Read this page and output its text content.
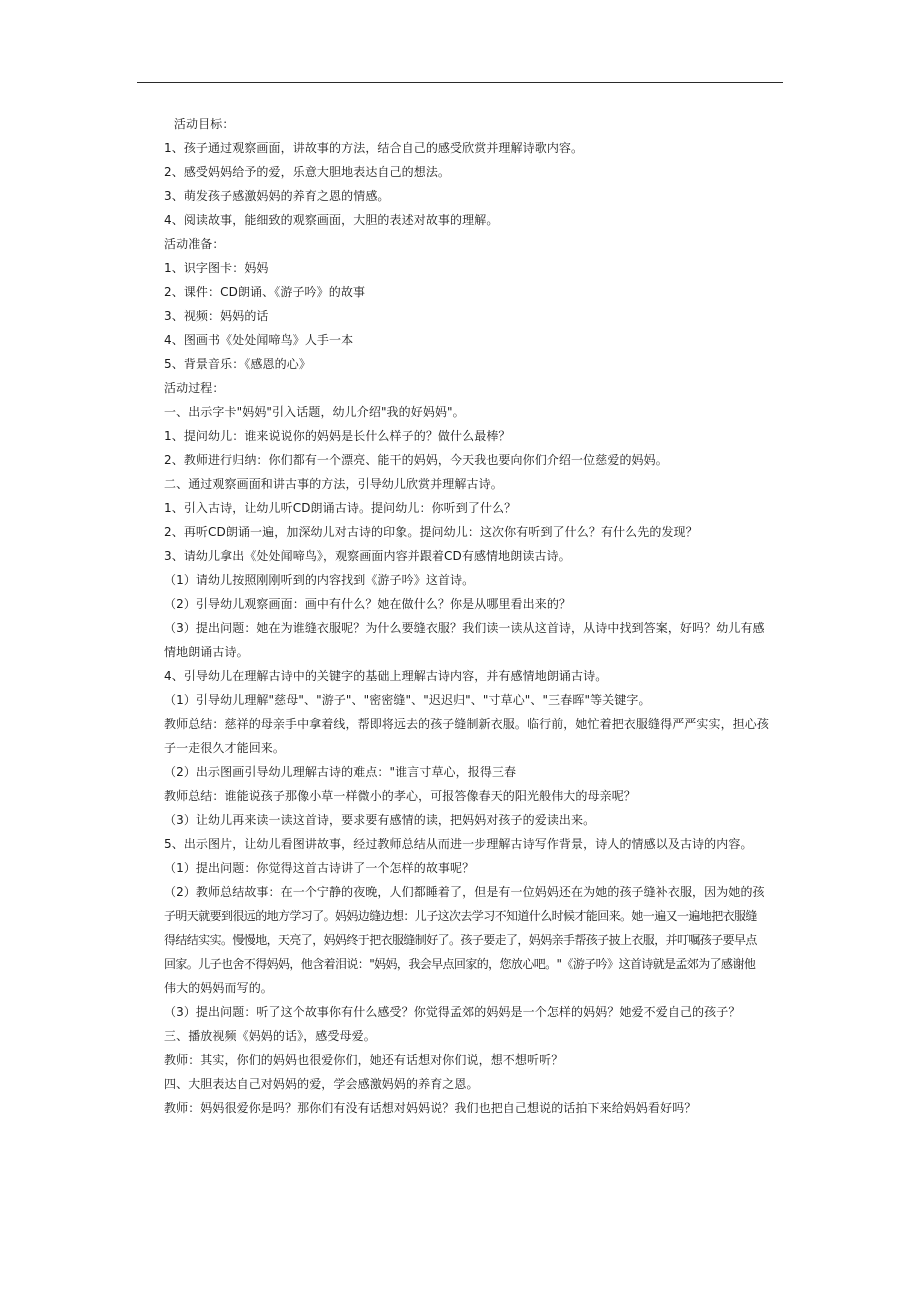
活动目标：
1、孩子通过观察画面，讲故事的方法，结合自己的感受欣赏并理解诗歌内容。
2、感受妈妈给予的爱，乐意大胆地表达自己的想法。
3、萌发孩子感激妈妈的养育之恩的情感。
4、阅读故事，能细致的观察画面，大胆的表述对故事的理解。
活动准备：
1、识字图卡：妈妈
2、课件：CD朗诵、《游子吟》的故事
3、视频：妈妈的话
4、图画书《处处闻啼鸟》人手一本
5、背景音乐：《感恩的心》
活动过程：
一、出示字卡"妈妈"引入话题，幼儿介绍"我的好妈妈"。
1、提问幼儿：谁来说说你的妈妈是长什么样子的？做什么最棒？
2、教师进行归纳：你们都有一个漂亮、能干的妈妈，今天我也要向你们介绍一位慈爱的妈妈。
二、通过观察画面和讲古事的方法，引导幼儿欣赏并理解古诗。
1、引入古诗，让幼儿听CD朗诵古诗。提问幼儿：你听到了什么？
2、再听CD朗诵一遍，加深幼儿对古诗的印象。提问幼儿：这次你有听到了什么？有什么先的发现？
3、请幼儿拿出《处处闻啼鸟》，观察画面内容并跟着CD有感情地朗读古诗。
（1）请幼儿按照刚刚听到的内容找到《游子吟》这首诗。
（2）引导幼儿观察画面：画中有什么？她在做什么？你是从哪里看出来的？
（3）提出问题：她在为谁缝衣服呢？为什么要缝衣服？我们读一读从这首诗，从诗中找到答案，好吗？幼儿有感
情地朗诵古诗。
4、引导幼儿在理解古诗中的关键字的基础上理解古诗内容，并有感情地朗诵古诗。
（1）引导幼儿理解"慈母"、"游子"、"密密缝"、"迟迟归"、"寸草心"、"三春晖"等关键字。
教师总结：慈祥的母亲手中拿着线，帮即将远去的孩子缝制新衣服。临行前，她忙着把衣服缝得严严实实，担心孩
子一走很久才能回来。
（2）出示图画引导幼儿理解古诗的难点："谁言寸草心，报得三春
教师总结：谁能说孩子那像小草一样微小的孝心，可报答像春天的阳光般伟大的母亲呢？
（3）让幼儿再来读一读这首诗，要求要有感情的读，把妈妈对孩子的爱读出来。
5、出示图片，让幼儿看图讲故事，经过教师总结从而进一步理解古诗写作背景，诗人的情感以及古诗的内容。
（1）提出问题：你觉得这首古诗讲了一个怎样的故事呢？
（2）教师总结故事：在一个宁静的夜晚，人们都睡着了，但是有一位妈妈还在为她的孩子缝补衣服，因为她的孩
子明天就要到很远的地方学习了。妈妈边缝边想：儿子这次去学习不知道什么时候才能回来。她一遍又一遍地把衣服缝
得结结实实。慢慢地，天亮了，妈妈终于把衣服缝制好了。孩子要走了，妈妈亲手帮孩子披上衣服，并叮嘱孩子要早点
回家。儿子也舍不得妈妈，他含着泪说："妈妈，我会早点回家的，您放心吧。"《游子吟》这首诗就是孟郊为了感谢他
伟大的妈妈而写的。
（3）提出问题：听了这个故事你有什么感受？你觉得孟郊的妈妈是一个怎样的妈妈？她爱不爱自己的孩子？
三、播放视频《妈妈的话》，感受母爱。
教师：其实，你们的妈妈也很爱你们，她还有话想对你们说，想不想听听？
四、大胆表达自己对妈妈的爱，学会感激妈妈的养育之恩。
教师：妈妈很爱你是吗？那你们有没有话想对妈妈说？我们也把自己想说的话拍下来给妈妈看好吗？
